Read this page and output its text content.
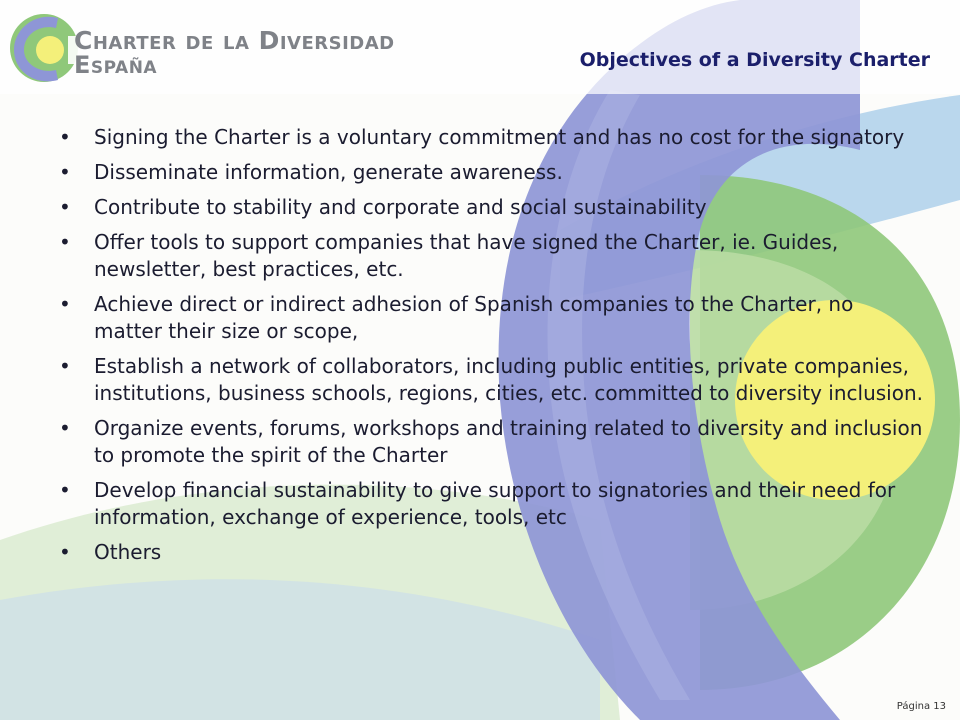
Charter de la Diversidad
España	Objectives of a Diversity Charter
• Signing the Charter is a voluntary commitment and has no cost for the signatory
• Disseminate information, generate awareness.
• Contribute to stability and corporate and social sustainability
• Offer tools to support companies that have signed the Charter, ie. Guides, newsletter, best practices, etc.
• Achieve direct or indirect adhesion of Spanish companies to the Charter, no matter their size or scope,
• Establish a network of collaborators, including public entities, private companies, institutions, business schools, regions, cities, etc. committed to diversity inclusion.
• Organize events, forums, workshops and training related to diversity and inclusion to promote the spirit of the Charter
• Develop financial sustainability to give support to signatories and their need for information, exchange of experience, tools, etc
• Others
Página 13
